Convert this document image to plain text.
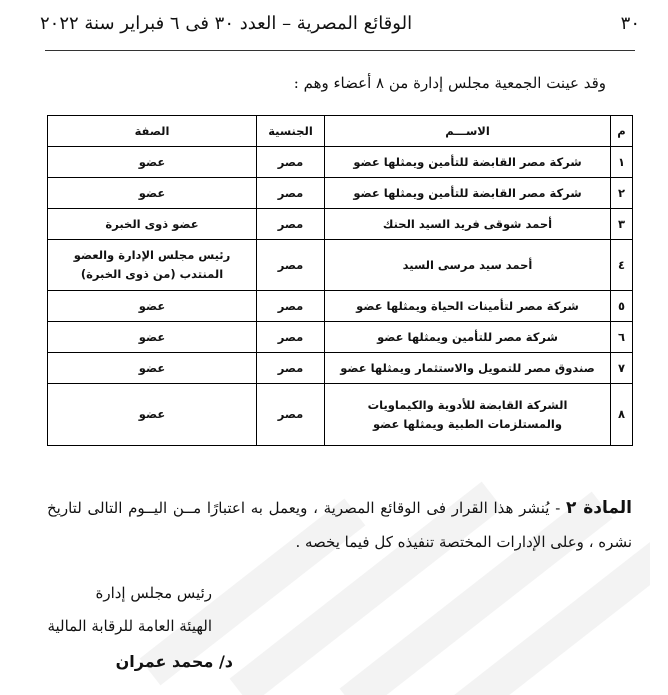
٣٠
الوقائع المصرية – العدد ٣٠ فى ٦ فبراير سنة ٢٠٢٢
وقد عينت الجمعية مجلس إدارة من ٨ أعضاء وهم :
م	الاســـم	الجنسية	الصفة
١	شركة مصر القابضة للتأمين ويمثلها عضو	مصر	عضو
٢	شركة مصر القابضة للتأمين ويمثلها عضو	مصر	عضو
٣	أحمد شوقى فريد السيد الحنك	مصر	عضو ذوى الخبرة
٤	أحمد سيد مرسى السيد	مصر	رئيس مجلس الإدارة والعضو المنتدب (من ذوى الخبرة)
٥	شركة مصر لتأمينات الحياة ويمثلها عضو	مصر	عضو
٦	شركة مصر للتأمين ويمثلها عضو	مصر	عضو
٧	صندوق مصر للتمويل والاستثمار ويمثلها عضو	مصر	عضو
٨	الشركة القابضة للأدوية والكيماويات والمستلزمات الطبية ويمثلها عضو	مصر	عضو
المادة ٢ - يُنشر هذا القرار فى الوقائع المصرية ، ويعمل به اعتبارًا مــن اليــوم التالى لتاريخ نشره ، وعلى الإدارات المختصة تنفيذه كل فيما يخصه .
رئيس مجلس إدارة
الهيئة العامة للرقابة المالية
د/ محمد عمران
